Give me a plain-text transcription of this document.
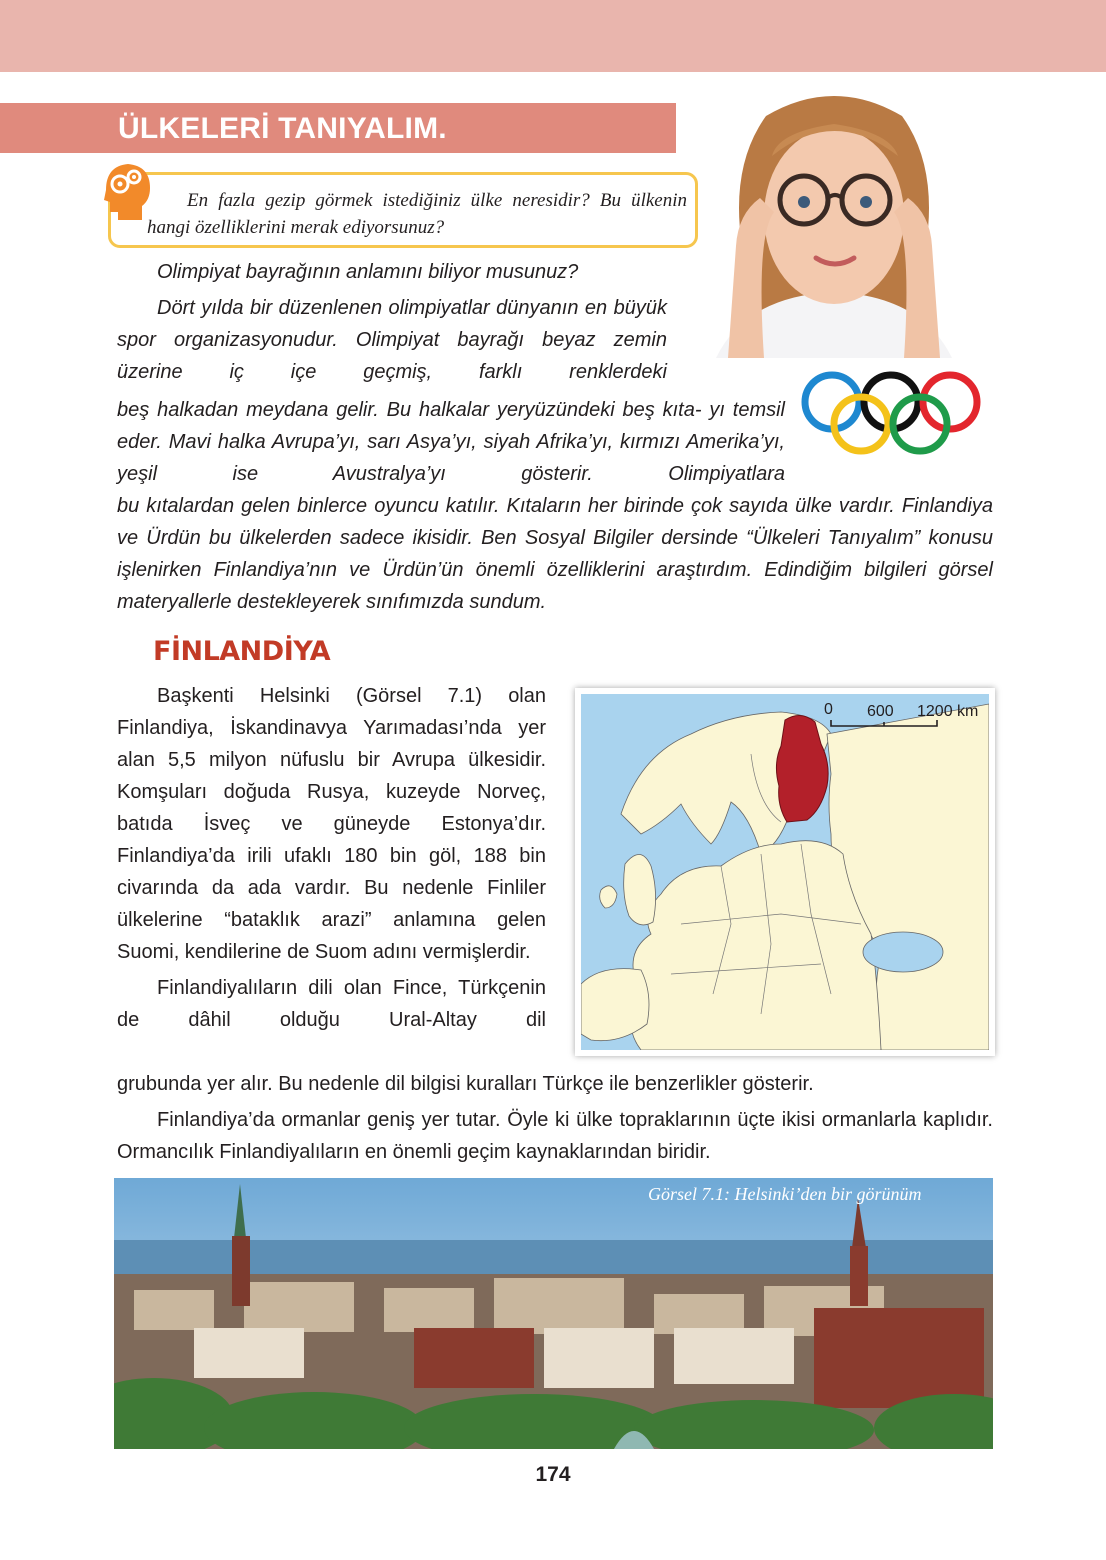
ÜLKELERİ TANIYALIM.
En fazla gezip görmek istediğiniz ülke neresidir? Bu ülkenin hangi özelliklerini merak ediyorsunuz?

Olimpiyat bayrağının anlamını biliyor musunuz?

Dört yılda bir düzenlenen olimpiyatlar dünyanın en büyük spor organizasyonudur. Olimpiyat bayrağı beyaz zemin üzerine iç içe geçmiş, farklı renklerdeki

beş halkadan meydana gelir. Bu halkalar yeryüzündeki beş kıta- yı temsil eder. Mavi halka Avrupa’yı, sarı Asya’yı, siyah Afrika’yı, kırmızı Amerika’yı, yeşil ise Avustralya’yı gösterir. Olimpiyatlara
bu kıtalardan gelen binlerce oyuncu katılır. Kıtaların her birinde çok sayıda ülke vardır. Finlandiya ve Ürdün bu ülkelerden sadece ikisidir. Ben Sosyal Bilgiler dersinde “Ülkeleri Tanıyalım” konusu işlenirken Finlandiya’nın ve Ürdün’ün önemli özelliklerini araştırdım. Edindiğim bilgileri görsel materyallerle destekleyerek sınıfımızda sundum.
FİNLANDİYA

Başkenti Helsinki (Görsel 7.1) olan Finlandiya, İskandinavya Yarımadası’nda yer alan 5,5 milyon nüfuslu bir Avrupa ülkesidir. Komşuları doğuda Rusya, kuzeyde Norveç, batıda İsveç ve güneyde Estonya’dır. Finlandiya’da irili ufaklı 180 bin göl, 188 bin civarında da ada vardır. Bu nedenle Finliler ülkelerine “bataklık arazi” anlamına gelen Suomi, kendilerine de Suom adını vermişlerdir.

Finlandiyalıların dili olan Fince, Türkçenin de dâhil olduğu Ural-Altay dil

grubunda yer alır. Bu nedenle dil bilgisi kuralları Türkçe ile benzerlikler gösterir.

Finlandiya’da ormanlar geniş yer tutar. Öyle ki ülke topraklarının üçte ikisi ormanlarla kaplıdır. Ormancılık Finlandiyalıların en önemli geçim kaynaklarından biridir.

0 600 1200 km
Görsel 7.1: Helsinki’den bir görünüm
174
